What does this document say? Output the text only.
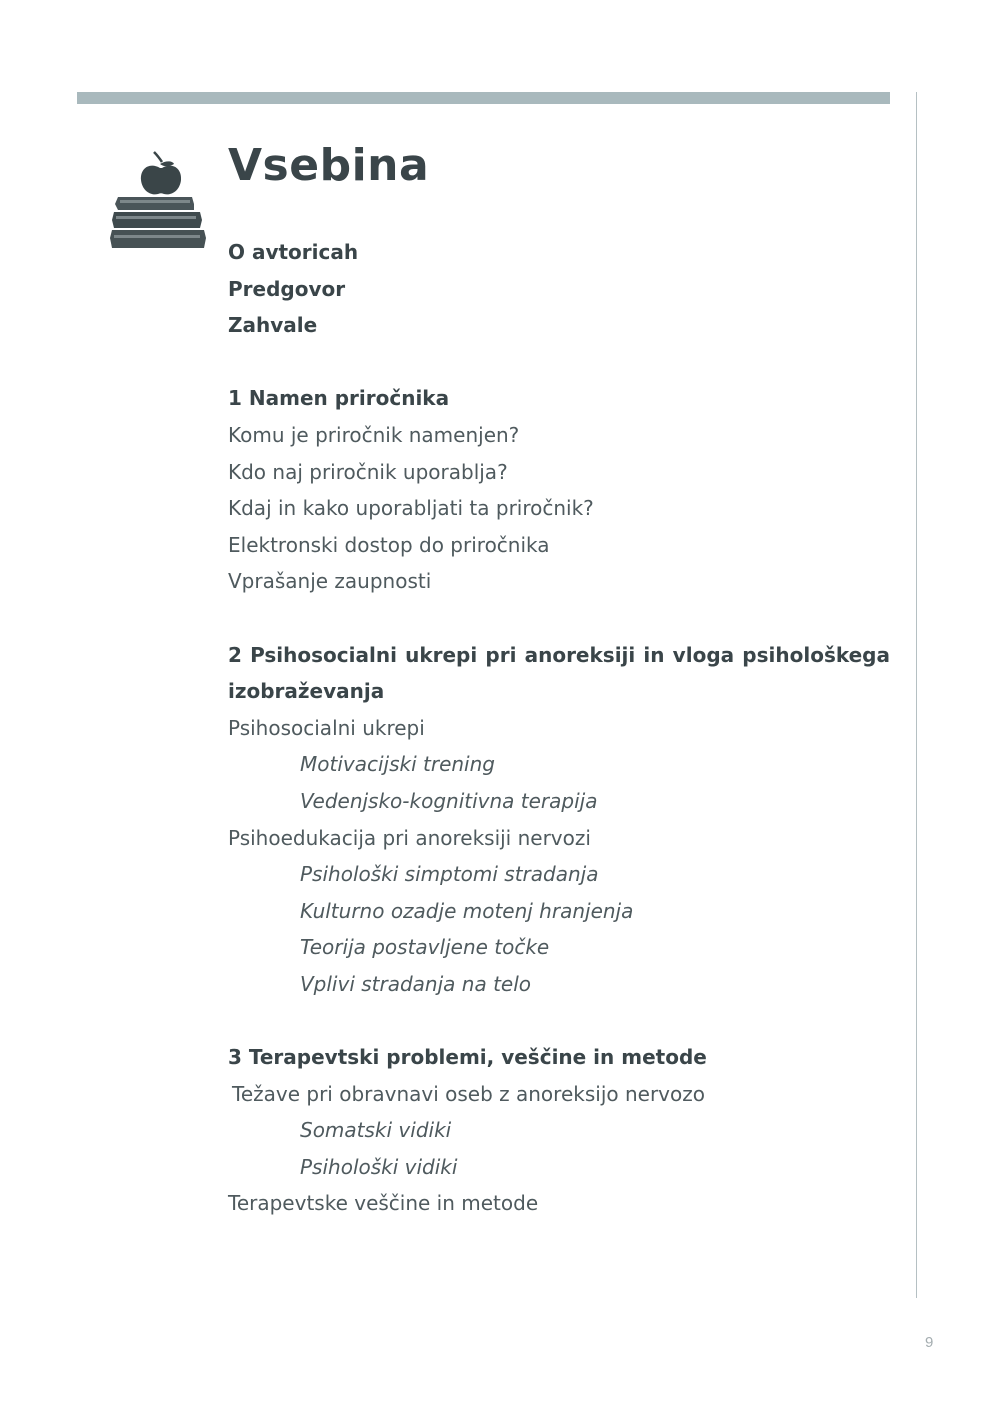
Vsebina
O avtoricah
Predgovor
Zahvale
1 Namen priročnika
Komu je priročnik namenjen?
Kdo naj priročnik uporablja?
Kdaj in kako uporabljati ta priročnik?
Elektronski dostop do priročnika
Vprašanje zaupnosti
2 Psihosocialni ukrepi pri anoreksiji in vloga psihološkega
izobraževanja
Psihosocialni ukrepi
Motivacijski trening
Vedenjsko-kognitivna terapija
Psihoedukacija pri anoreksiji nervozi
Psihološki simptomi stradanja
Kulturno ozadje motenj hranjenja
Teorija postavljene točke
Vplivi stradanja na telo
3 Terapevtski problemi, veščine in metode
Težave pri obravnavi oseb z anoreksijo nervozo
Somatski vidiki
Psihološki vidiki
Terapevtske veščine in metode
9
